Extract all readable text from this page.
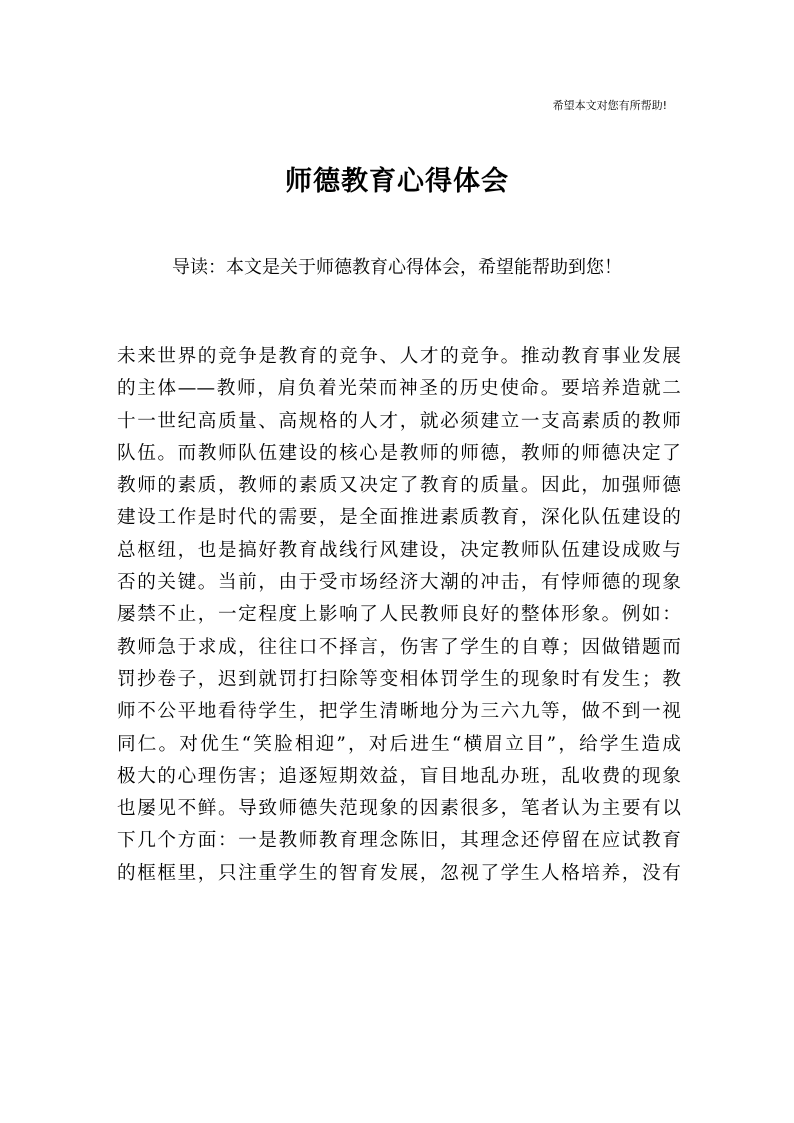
希望本文对您有所帮助!
师德教育心得体会
导读：本文是关于师德教育心得体会，希望能帮助到您！
未来世界的竞争是教育的竞争、人才的竞争。推动教育事业发展
的主体——教师，肩负着光荣而神圣的历史使命。要培养造就二
十一世纪高质量、高规格的人才，就必须建立一支高素质的教师
队伍。而教师队伍建设的核心是教师的师德，教师的师德决定了
教师的素质，教师的素质又决定了教育的质量。因此，加强师德
建设工作是时代的需要，是全面推进素质教育，深化队伍建设的
总枢纽，也是搞好教育战线行风建设，决定教师队伍建设成败与
否的关键。当前，由于受市场经济大潮的冲击，有悖师德的现象
屡禁不止，一定程度上影响了人民教师良好的整体形象。例如：
教师急于求成，往往口不择言，伤害了学生的自尊；因做错题而
罚抄卷子，迟到就罚打扫除等变相体罚学生的现象时有发生；教
师不公平地看待学生，把学生清晰地分为三六九等，做不到一视
同仁。对优生“笑脸相迎”，对后进生“横眉立目”，给学生造成
极大的心理伤害；追逐短期效益，盲目地乱办班，乱收费的现象
也屡见不鲜。导致师德失范现象的因素很多，笔者认为主要有以
下几个方面：一是教师教育理念陈旧，其理念还停留在应试教育
的框框里，只注重学生的智育发展，忽视了学生人格培养，没有
